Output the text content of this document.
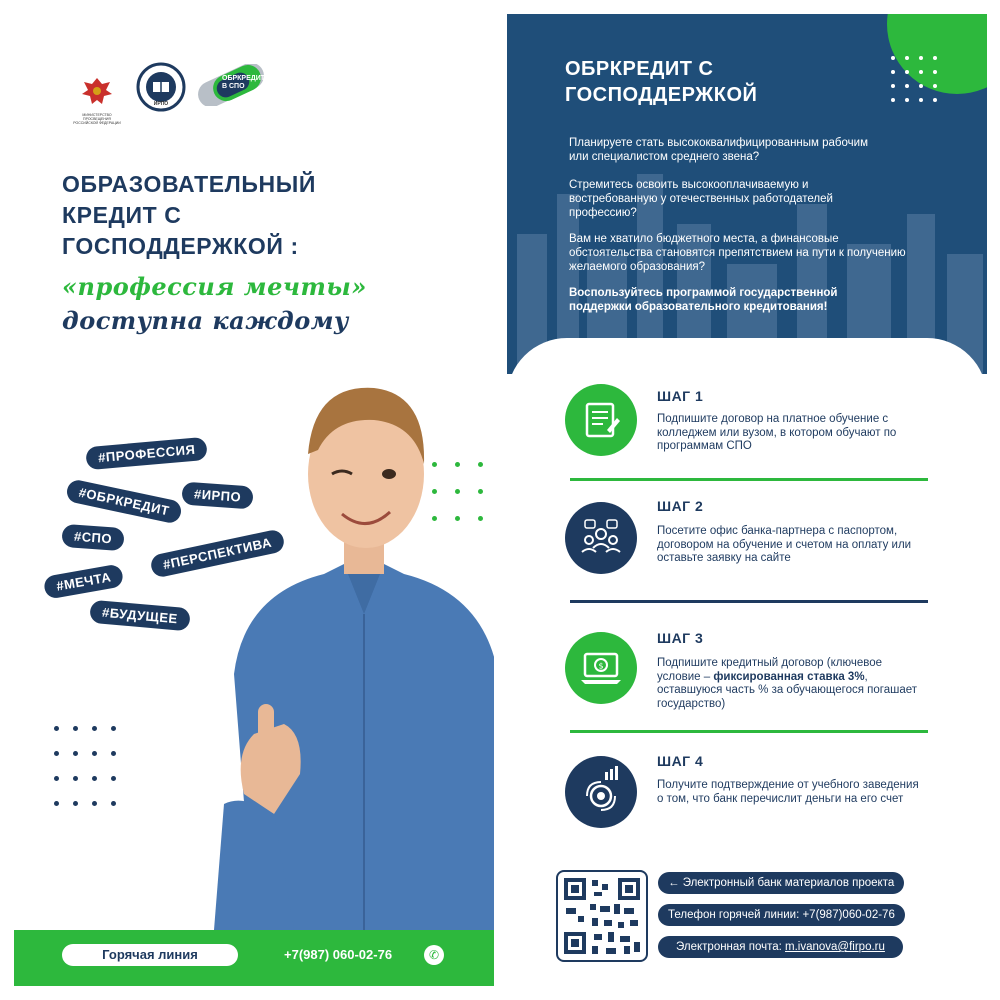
МИНИСТЕРСТВО ПРОСВЕЩЕНИЯ РОССИЙСКОЙ ФЕДЕРАЦИИ
ИРПО
ОБРКРЕДИТ
В СПО
ОБРАЗОВАТЕЛЬНЫЙ
КРЕДИТ С
ГОСПОДДЕРЖКОЙ :
«профессия мечты»
доступна каждому
#ПРОФЕССИЯ
#ОБРКРЕДИТ	#ИРПО
#СПО	#ПЕРСПЕКТИВА
#МЕЧТА
#БУДУЩЕЕ
Горячая линия	+7(987) 060-02-76	✆
ОБРКРЕДИТ С
ГОСПОДДЕРЖКОЙ
Планируете стать высококвалифицированным рабочим или специалистом среднего звена?
Стремитесь освоить высокооплачиваемую и востребованную у отечественных работодателей профессию?
Вам не хватило бюджетного места, а финансовые обстоятельства становятся препятствием на пути к получению желаемого образования?
Воспользуйтесь программой государственной поддержки образовательного кредитования!
ШАГ 1
Подпишите договор на платное обучение с колледжем или вузом, в котором обучают по программам СПО
ШАГ 2
Посетите офис банка-партнера с паспортом, договором на обучение и счетом на оплату или оставьте заявку на сайте
$
ШАГ 3
Подпишите кредитный договор (ключевое условие – фиксированная ставка 3%, оставшуюся часть % за обучающегося погашает государство)
ШАГ 4
Получите подтверждение от учебного заведения о том, что банк перечислит деньги на его счет
← Электронный банк материалов проекта
Телефон горячей линии: +7(987)060-02-76
Электронная почта: m.ivanova@firpo.ru
